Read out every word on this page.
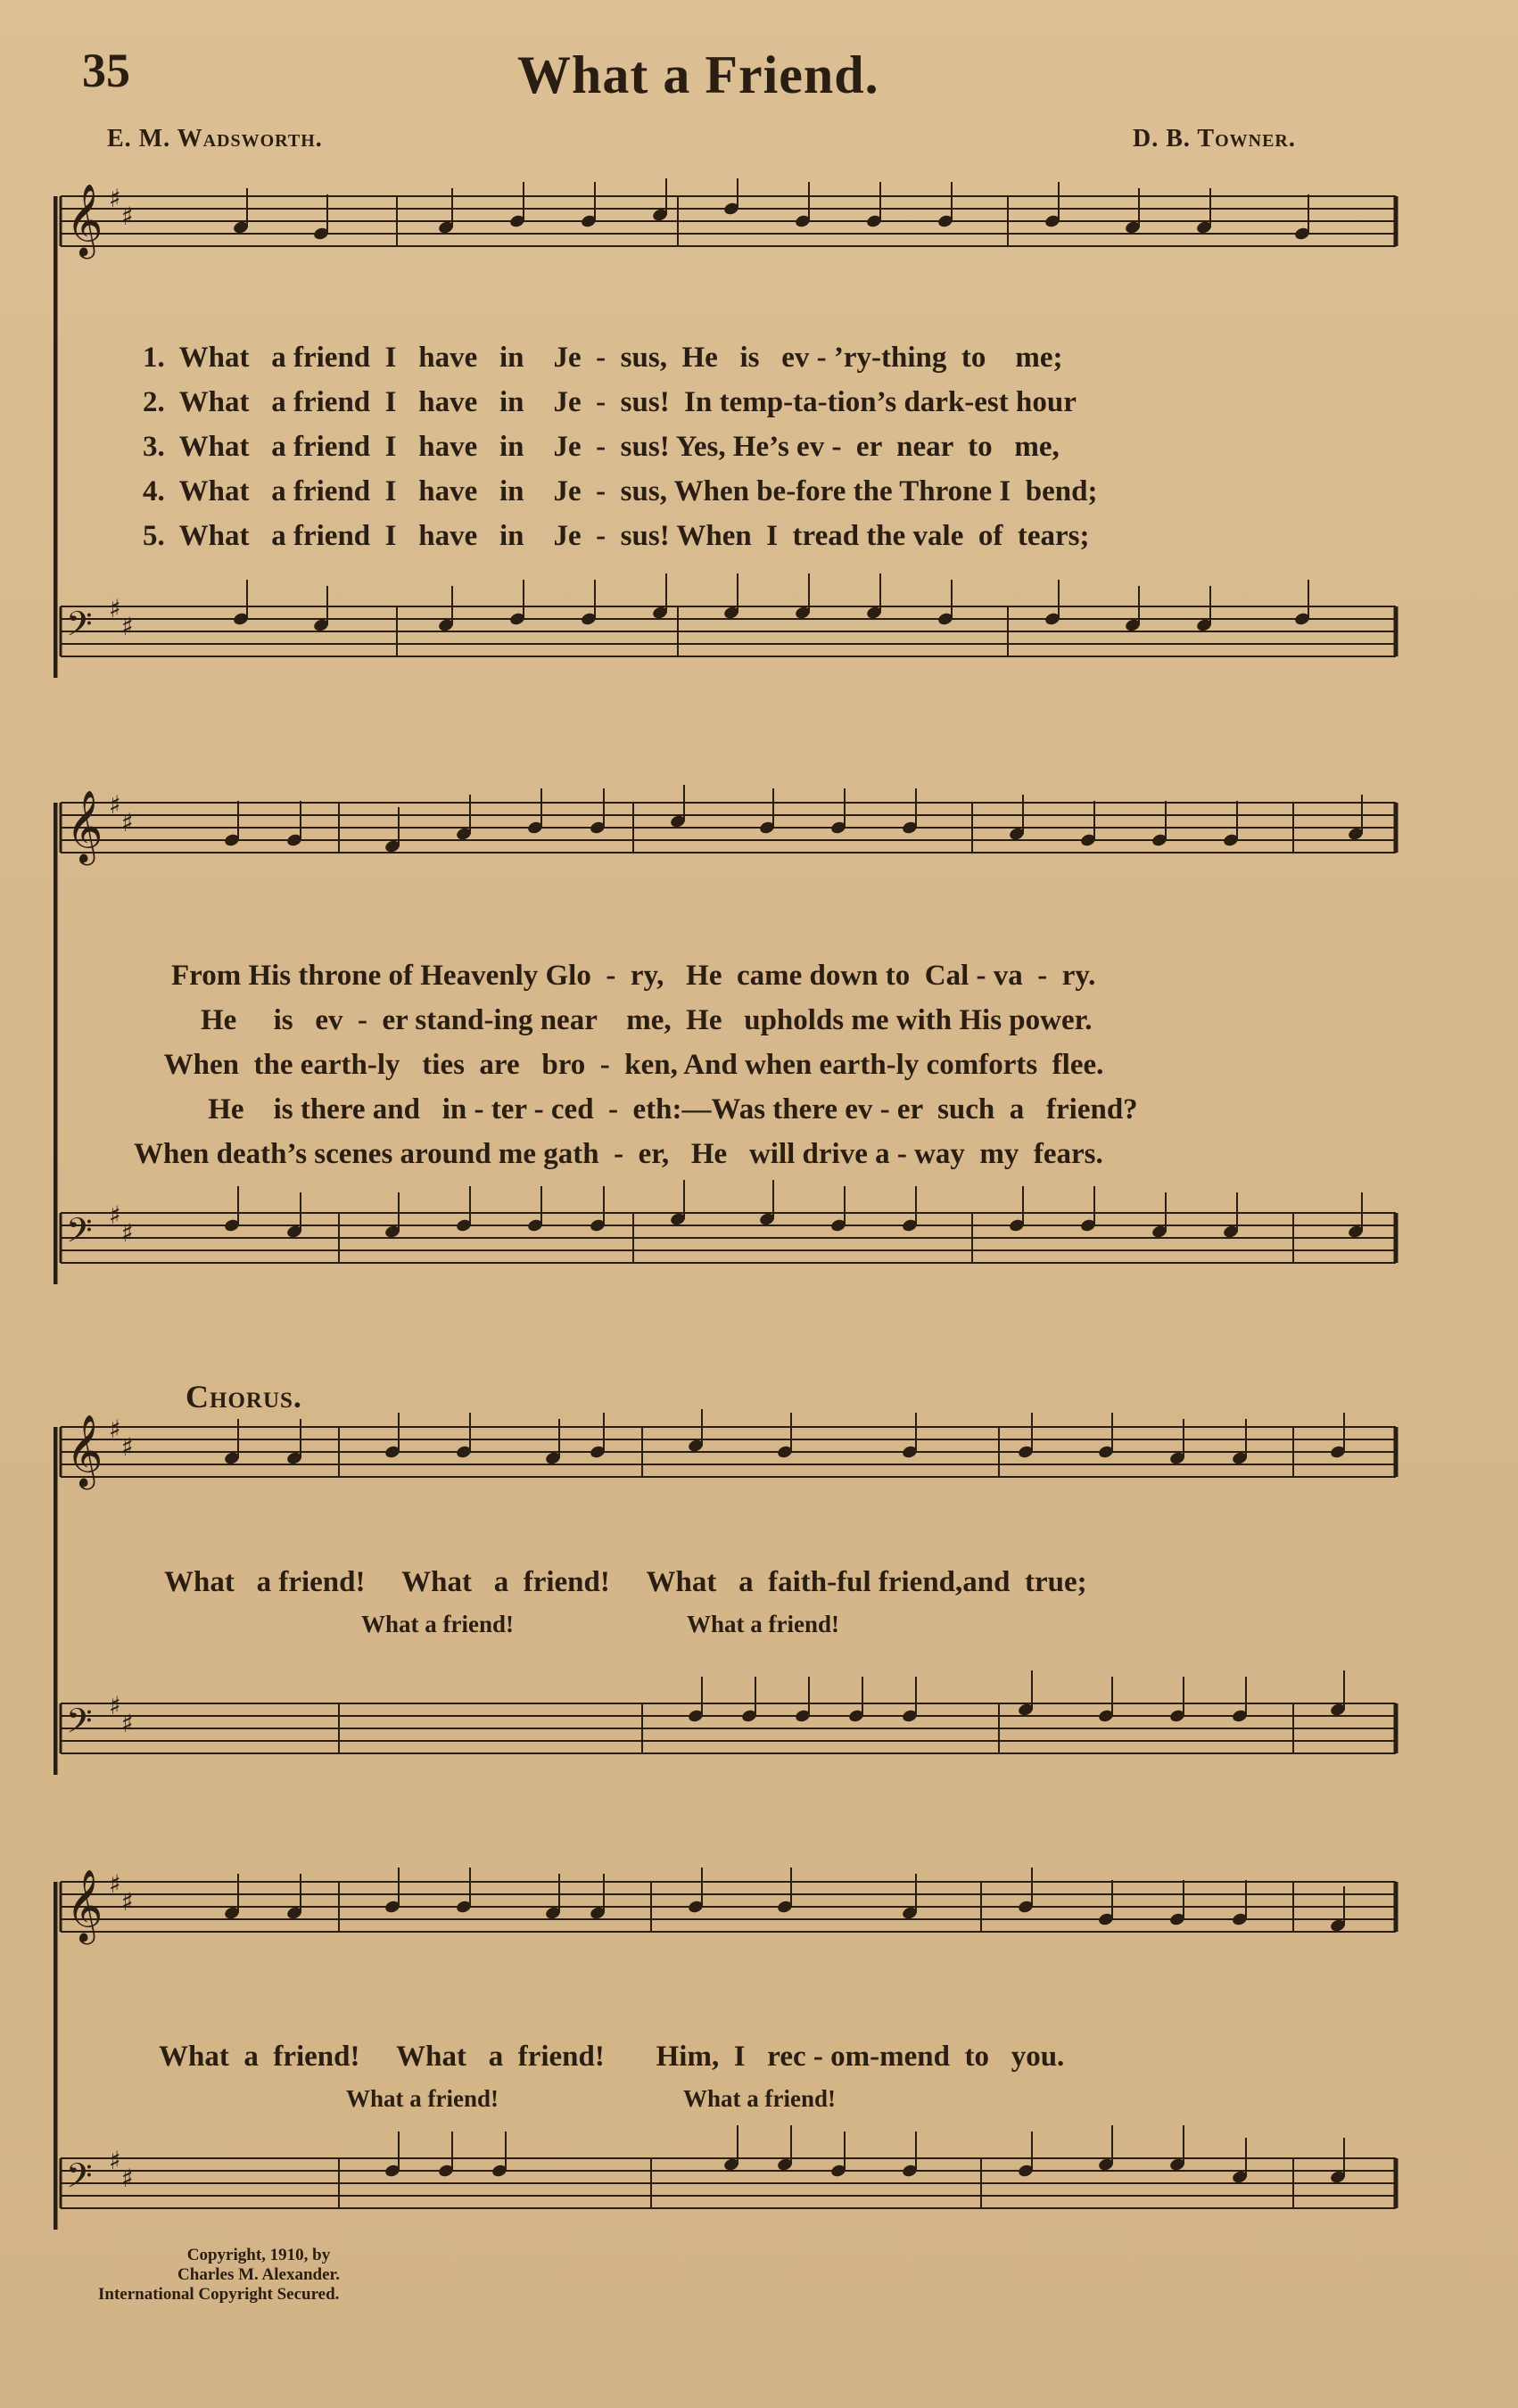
35	What a Friend.
E. M. Wadsworth.	D. B. Towner.
𝄞 ♯
♯
𝄢 ♯
♯
𝄞 ♯
♯
𝄢 ♯
♯
𝄞 ♯
♯
𝄢 ♯
♯
𝄞 ♯
♯
𝄢 ♯
♯
1.  What   a friend  I   have   in    Je  -  sus,  He   is   ev - ’ry-thing  to    me;
2.  What   a friend  I   have   in    Je  -  sus!  In temp-ta-tion’s dark-est hour
3.  What   a friend  I   have   in    Je  -  sus! Yes, He’s ev -  er  near  to   me,
4.  What   a friend  I   have   in    Je  -  sus, When be-fore the Throne I  bend;
5.  What   a friend  I   have   in    Je  -  sus! When  I  tread the vale  of  tears;
From His throne of Heavenly Glo  -  ry,   He  came down to  Cal - va  -  ry.
He     is   ev  -  er stand-ing near    me,  He   upholds me with His power.
When  the earth-ly   ties  are   bro  -  ken, And when earth-ly comforts  flee.
He    is there and   in - ter - ced  -  eth:—Was there ev - er  such  a   friend?
When death’s scenes around me gath  -  er,   He   will drive a - way  my  fears.
Chorus.
What   a friend!     What   a  friend!     What   a  faith-ful friend,and  true;
What a friend!	What a friend!
What  a  friend!     What   a  friend!       Him,  I   rec - om-mend  to   you.
What a friend!	What a friend!
Copyright, 1910, by
Charles M. Alexander.
International Copyright Secured.
